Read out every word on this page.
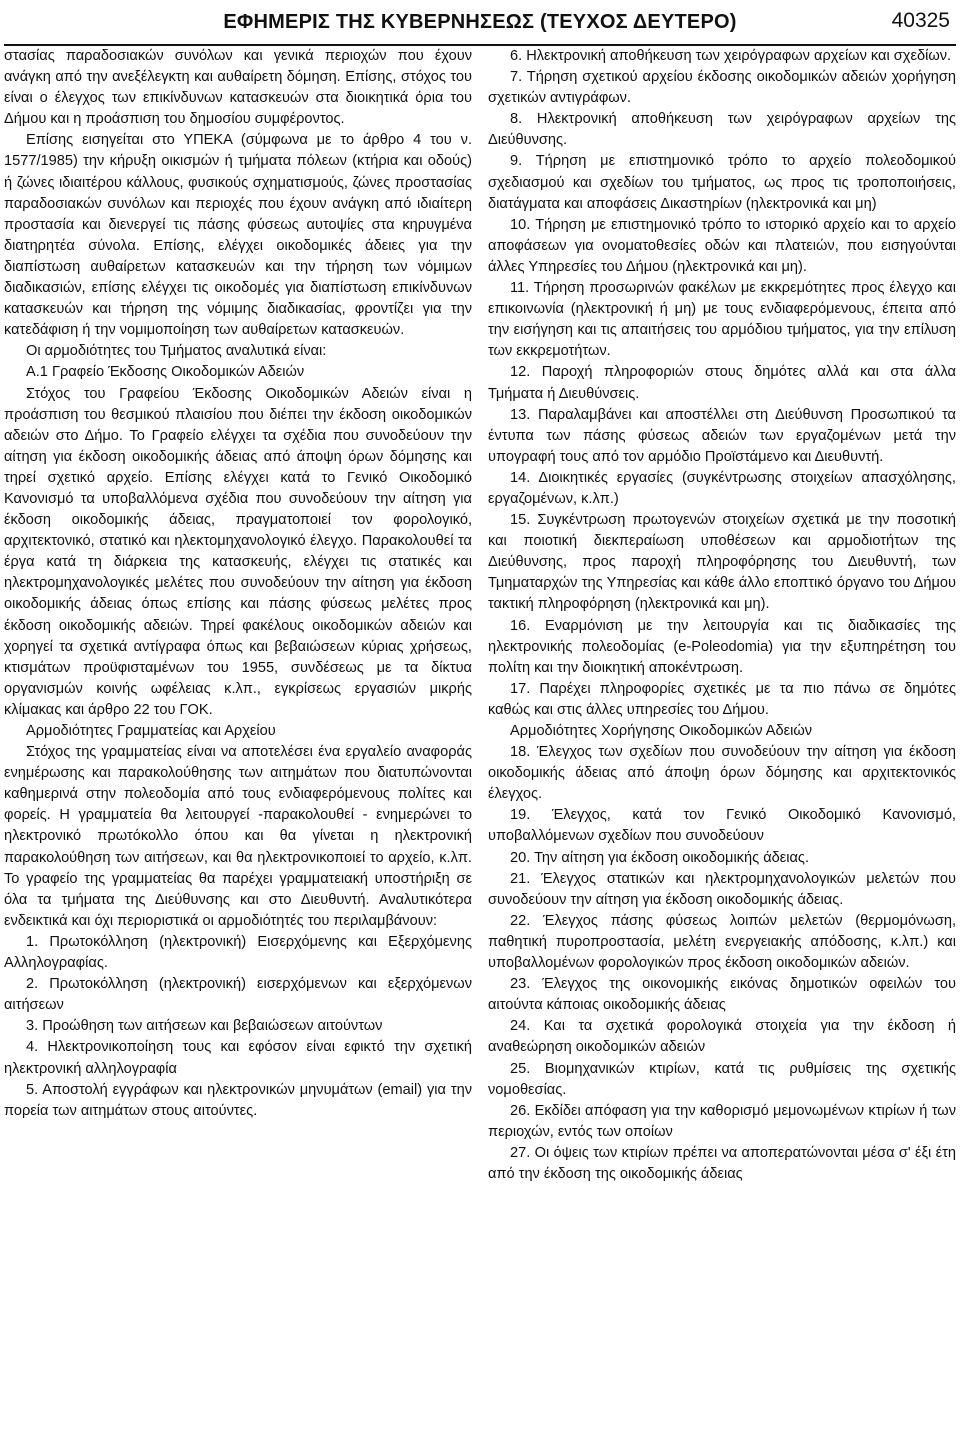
ΕΦΗΜΕΡΙΣ ΤΗΣ ΚΥΒΕΡΝΗΣΕΩΣ (ΤΕΥΧΟΣ ΔΕΥΤΕΡΟ)	40325

στασίας παραδοσιακών συνόλων και γενικά περιοχών που έχουν ανάγκη από την ανεξέλεγκτη και αυθαίρετη δόμηση. Επίσης, στόχος του είναι ο έλεγχος των επικίνδυνων κατασκευών στα διοικητικά όρια του Δήμου και η προάσπιση του δημοσίου συμφέροντος.

Επίσης εισηγείται στο ΥΠΕΚΑ (σύμφωνα με το άρθρο 4 του ν. 1577/1985) την κήρυξη οικισμών ή τμήματα πόλεων (κτήρια και οδούς) ή ζώνες ιδιαιτέρου κάλλους, φυσικούς σχηματισμούς, ζώνες προστασίας παραδοσιακών συνόλων και περιοχές που έχουν ανάγκη από ιδιαίτερη προστασία και διενεργεί τις πάσης φύσεως αυτοψίες στα κηρυγμένα διατηρητέα σύνολα. Επίσης, ελέγχει οικοδομικές άδειες για την διαπίστωση αυθαίρετων κατασκευών και την τήρηση των νόμιμων διαδικασιών, επίσης ελέγχει τις οικοδομές για διαπίστωση επικίνδυνων κατασκευών και τήρηση της νόμιμης διαδικασίας, φροντίζει για την κατεδάφιση ή την νομιμοποίηση των αυθαίρετων κατασκευών.

Οι αρμοδιότητες του Τμήματος αναλυτικά είναι:

Α.1 Γραφείο Έκδοσης Οικοδομικών Αδειών

Στόχος του Γραφείου Έκδοσης Οικοδομικών Αδειών είναι η προάσπιση του θεσμικού πλαισίου που διέπει την έκδοση οικοδομικών αδειών στο Δήμο. Το Γραφείο ελέγχει τα σχέδια που συνοδεύουν την αίτηση για έκδοση οικοδομικής άδειας από άποψη όρων δόμησης και τηρεί σχετικό αρχείο. Επίσης ελέγχει κατά το Γενικό Οικοδομικό Κανονισμό τα υποβαλλόμενα σχέδια που συνοδεύουν την αίτηση για έκδοση οικοδομικής άδειας, πραγματοποιεί τον φορολογικό, αρχιτεκτονικό, στατικό και ηλεκτομηχανολογικό έλεγχο. Παρακολουθεί τα έργα κατά τη διάρκεια της κατασκευής, ελέγχει τις στατικές και ηλεκτρομηχανολογικές μελέτες που συνοδεύουν την αίτηση για έκδοση οικοδομικής άδειας όπως επίσης και πάσης φύσεως μελέτες προς έκδοση οικοδομικής αδειών. Τηρεί φακέλους οικοδομικών αδειών και χορηγεί τα σχετικά αντίγραφα όπως και βεβαιώσεων κύριας χρήσεως, κτισμάτων προϋφισταμένων του 1955, συνδέσεως με τα δίκτυα οργανισμών κοινής ωφέλειας κ.λπ., εγκρίσεως εργασιών μικρής κλίμακας και άρθρο 22 του ΓΟΚ.

Αρμοδιότητες Γραμματείας και Αρχείου

Στόχος της γραμματείας είναι να αποτελέσει ένα εργαλείο αναφοράς ενημέρωσης και παρακολούθησης των αιτημάτων που διατυπώνονται καθημερινά στην πολεοδομία από τους ενδιαφερόμενους πολίτες και φορείς. Η γραμματεία θα λειτουργεί -παρακολουθεί - ενημερώνει το ηλεκτρονικό πρωτόκολλο όπου και θα γίνεται η ηλεκτρονική παρακολούθηση των αιτήσεων, και θα ηλεκτρονικοποιεί το αρχείο, κ.λπ. Το γραφείο της γραμματείας θα παρέχει γραμματειακή υποστήριξη σε όλα τα τμήματα της Διεύθυνσης και στο Διευθυντή. Αναλυτικότερα ενδεικτικά και όχι περιοριστικά οι αρμοδιότητές του περιλαμβάνουν:

1. Πρωτοκόλληση (ηλεκτρονική) Εισερχόμενης και Εξερχόμενης Αλληλογραφίας.

2. Πρωτοκόλληση (ηλεκτρονική) εισερχόμενων και εξερχόμενων αιτήσεων

3. Προώθηση των αιτήσεων και βεβαιώσεων αιτούντων

4. Ηλεκτρονικοποίηση τους και εφόσον είναι εφικτό την σχετική ηλεκτρονική αλληλογραφία

5. Αποστολή εγγράφων και ηλεκτρονικών μηνυμάτων (email) για την πορεία των αιτημάτων στους αιτούντες.

6. Ηλεκτρονική αποθήκευση των χειρόγραφων αρχείων και σχεδίων.

7. Τήρηση σχετικού αρχείου έκδοσης οικοδομικών αδειών χορήγηση σχετικών αντιγράφων.

8. Ηλεκτρονική αποθήκευση των χειρόγραφων αρχείων της Διεύθυνσης.

9. Τήρηση με επιστημονικό τρόπο το αρχείο πολεοδομικού σχεδιασμού και σχεδίων του τμήματος, ως προς τις τροποποιήσεις, διατάγματα και αποφάσεις Δικαστηρίων (ηλεκτρονικά και μη)

10. Τήρηση με επιστημονικό τρόπο το ιστορικό αρχείο και το αρχείο αποφάσεων για ονοματοθεσίες οδών και πλατειών, που εισηγούνται άλλες Υπηρεσίες του Δήμου (ηλεκτρονικά και μη).

11. Τήρηση προσωρινών φακέλων με εκκρεμότητες προς έλεγχο και επικοινωνία (ηλεκτρονική ή μη) με τους ενδιαφερόμενους, έπειτα από την εισήγηση και τις απαιτήσεις του αρμόδιου τμήματος, για την επίλυση των εκκρεμοτήτων.

12. Παροχή πληροφοριών στους δημότες αλλά και στα άλλα Τμήματα ή Διευθύνσεις.

13. Παραλαμβάνει και αποστέλλει στη Διεύθυνση Προσωπικού τα έντυπα των πάσης φύσεως αδειών των εργαζομένων μετά την υπογραφή τους από τον αρμόδιο Προϊστάμενο και Διευθυντή.

14. Διοικητικές εργασίες (συγκέντρωσης στοιχείων απασχόλησης, εργαζομένων, κ.λπ.)

15. Συγκέντρωση πρωτογενών στοιχείων σχετικά με την ποσοτική και ποιοτική διεκπεραίωση υποθέσεων και αρμοδιοτήτων της Διεύθυνσης, προς παροχή πληροφόρησης του Διευθυντή, των Τμηματαρχών της Υπηρεσίας και κάθε άλλο εποπτικό όργανο του Δήμου τακτική πληροφόρηση (ηλεκτρονικά και μη).

16. Εναρμόνιση με την λειτουργία και τις διαδικασίες της ηλεκτρονικής πολεοδομίας (e-Poleodomia) για την εξυπηρέτηση του πολίτη και την διοικητική αποκέντρωση.

17. Παρέχει πληροφορίες σχετικές με τα πιο πάνω σε δημότες καθώς και στις άλλες υπηρεσίες του Δήμου.

Αρμοδιότητες Χορήγησης Οικοδομικών Αδειών

18. Έλεγχος των σχεδίων που συνοδεύουν την αίτηση για έκδοση οικοδομικής άδειας από άποψη όρων δόμησης και αρχιτεκτονικός έλεγχος.

19. Έλεγχος, κατά τον Γενικό Οικοδομικό Κανονισμό, υποβαλλόμενων σχεδίων που συνοδεύουν

20. Την αίτηση για έκδοση οικοδομικής άδειας.

21. Έλεγχος στατικών και ηλεκτρομηχανολογικών μελετών που συνοδεύουν την αίτηση για έκδοση οικοδομικής άδειας.

22. Έλεγχος πάσης φύσεως λοιπών μελετών (θερμομόνωση, παθητική πυροπροστασία, μελέτη ενεργειακής απόδοσης, κ.λπ.) και υποβαλλομένων φορολογικών προς έκδοση οικοδομικών αδειών.

23. Έλεγχος της οικονομικής εικόνας δημοτικών οφειλών του αιτούντα κάποιας οικοδομικής άδειας

24. Και τα σχετικά φορολογικά στοιχεία για την έκδοση ή αναθεώρηση οικοδομικών αδειών

25. Βιομηχανικών κτιρίων, κατά τις ρυθμίσεις της σχετικής νομοθεσίας.

26. Εκδίδει απόφαση για την καθορισμό μεμονωμένων κτιρίων ή των περιοχών, εντός των οποίων

27. Οι όψεις των κτιρίων πρέπει να αποπερατώνονται μέσα σ' έξι έτη από την έκδοση της οικοδομικής άδειας
